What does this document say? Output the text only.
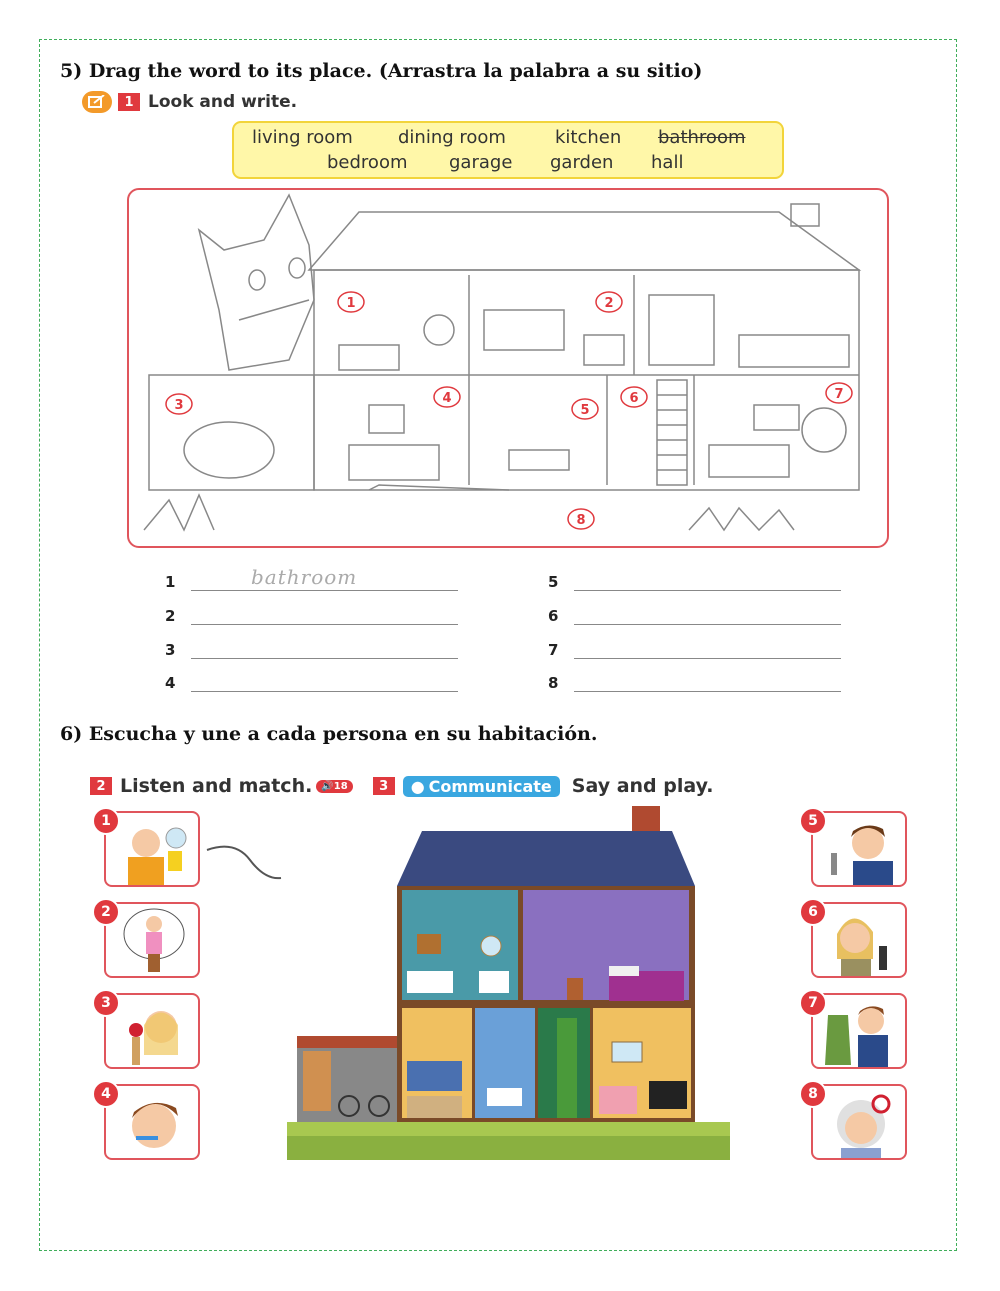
5) Drag the word to its place. (Arrastra la palabra a su sitio)
1 Look and write.
living room	dining room	kitchen bathroom
bedroom garage garden hall
1	2
3	4
5
6	7
8
1	bathroom
2
3
4
5
6
7
8
6) Escucha y une a cada persona en su habitación.
2 Listen and match. 🔊 18	3	● Communicate Say and play.
1
2
3
4
5
6
7
8
